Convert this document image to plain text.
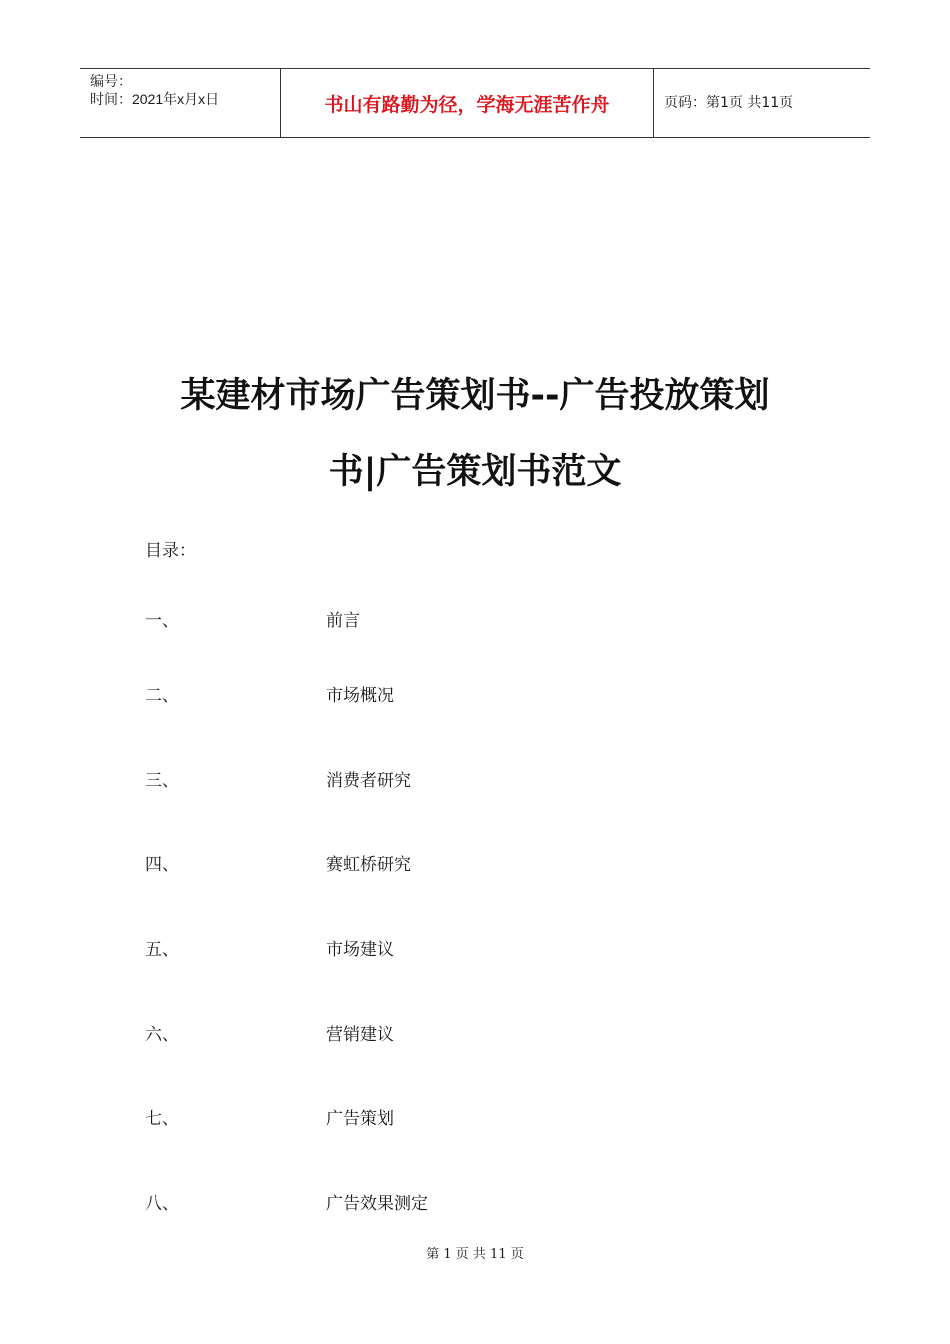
编号：
时间：2021年x月x日	书山有路勤为径，学海无涯苦作舟	页码：第1页 共11页
某建材市场广告策划书--广告投放策划
书|广告策划书范文
目录：
一、	前言
二、	市场概况
三、	消费者研究
四、	赛虹桥研究
五、	市场建议
六、	营销建议
七、	广告策划
八、	广告效果测定
第 1 页 共 11 页
